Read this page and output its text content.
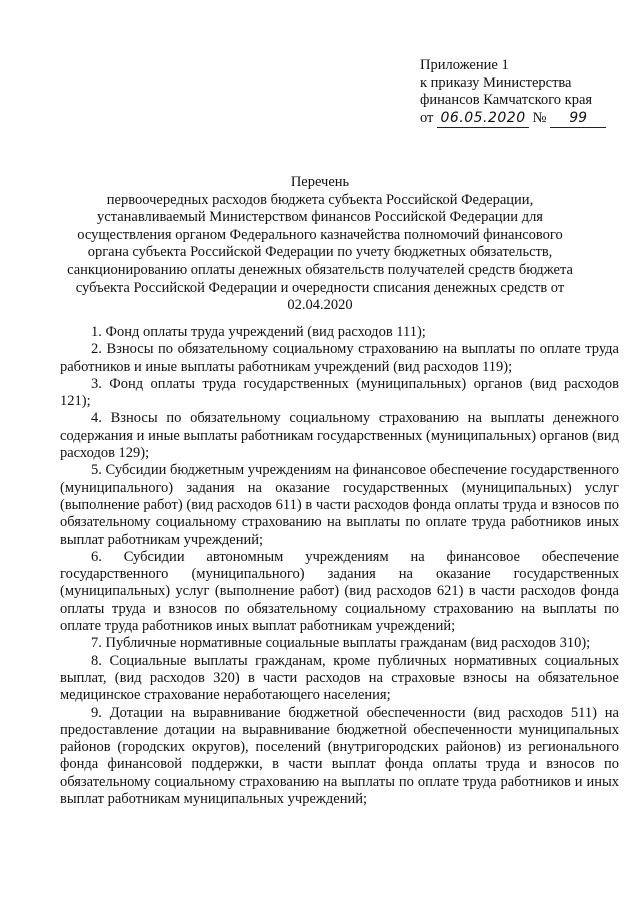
Приложение 1
к приказу Министерства
финансов Камчатского края
от 06.05.2020 № 99
Перечень
первоочередных расходов бюджета субъекта Российской Федерации,
устанавливаемый Министерством финансов Российской Федерации для
осуществления органом Федерального казначейства полномочий финансового
органа субъекта Российской Федерации по учету бюджетных обязательств,
санкционированию оплаты денежных обязательств получателей средств бюджета
субъекта Российской Федерации и очередности списания денежных средств от
02.04.2020

1. Фонд оплаты труда учреждений (вид расходов 111);

2. Взносы по обязательному социальному страхованию на выплаты по оплате труда работников и иные выплаты работникам учреждений (вид расходов 119);

3. Фонд оплаты труда государственных (муниципальных) органов (вид расходов 121);

4. Взносы по обязательному социальному страхованию на выплаты денежного содержания и иные выплаты работникам государственных (муниципальных) органов (вид расходов 129);

5. Субсидии бюджетным учреждениям на финансовое обеспечение государственного (муниципального) задания на оказание государственных (муниципальных) услуг (выполнение работ) (вид расходов 611) в части расходов фонда оплаты труда и взносов по обязательному социальному страхованию на выплаты по оплате труда работников иных выплат работникам учреждений;

6. Субсидии автономным учреждениям на финансовое обеспечение государственного (муниципального) задания на оказание государственных (муниципальных) услуг (выполнение работ) (вид расходов 621) в части расходов фонда оплаты труда и взносов по обязательному социальному страхованию на выплаты по оплате труда работников иных выплат работникам учреждений;

7. Публичные нормативные социальные выплаты гражданам (вид расходов 310);

8. Социальные выплаты гражданам, кроме публичных нормативных социальных выплат, (вид расходов 320) в части расходов на страховые взносы на обязательное медицинское страхование неработающего населения;

9. Дотации на выравнивание бюджетной обеспеченности (вид расходов 511) на предоставление дотации на выравнивание бюджетной обеспеченности муниципальных районов (городских округов), поселений (внутригородских районов) из регионального фонда финансовой поддержки, в части выплат фонда оплаты труда и взносов по обязательному социальному страхованию на выплаты по оплате труда работников и иных выплат работникам муниципальных учреждений;
